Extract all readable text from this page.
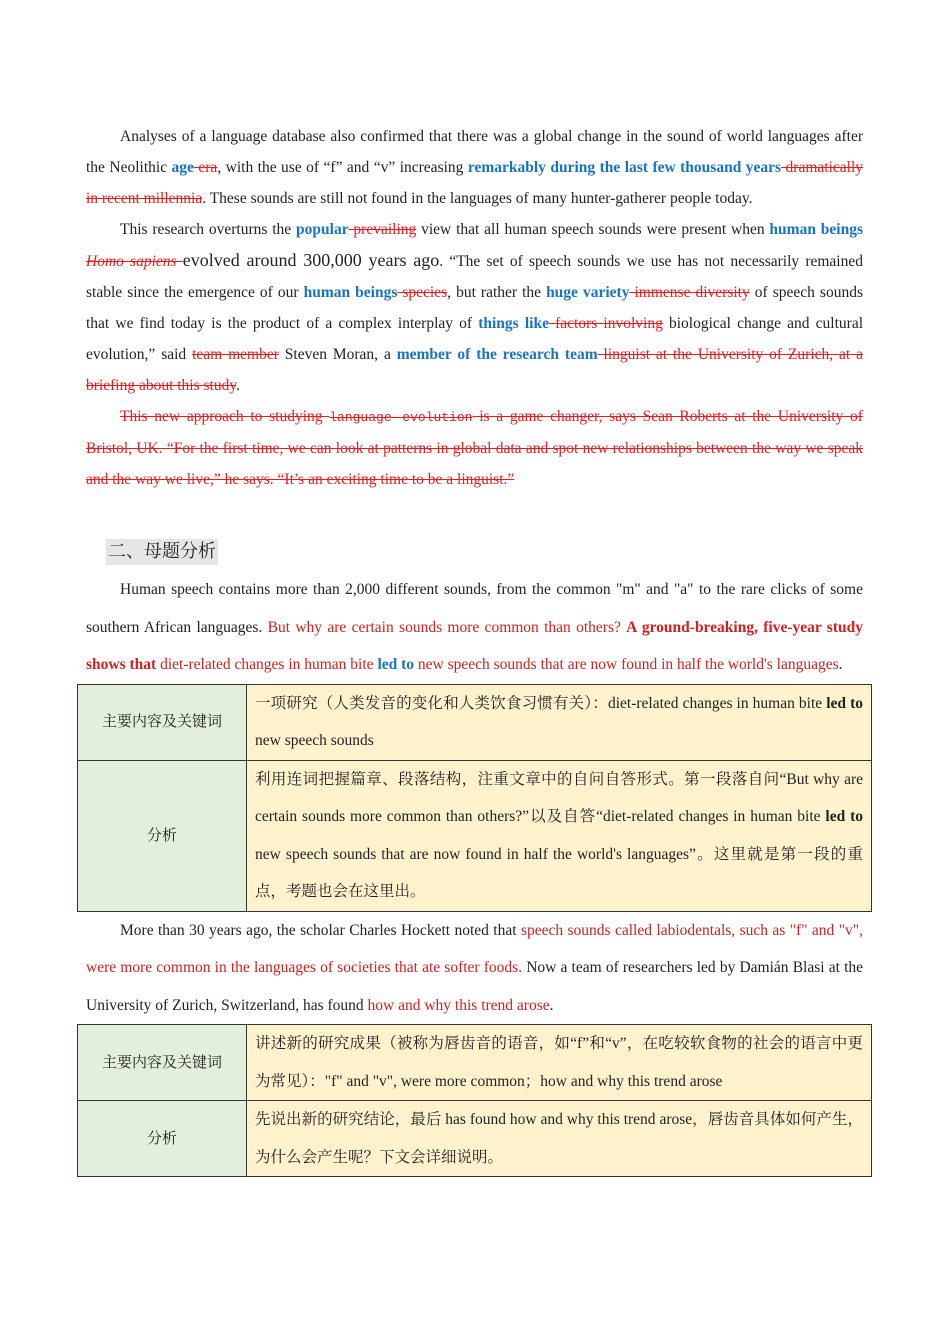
Analyses of a language database also confirmed that there was a global change in the sound of world languages after the Neolithic age era, with the use of “f” and “v” increasing remarkably during the last few thousand years dramatically in recent millennia. These sounds are still not found in the languages of many hunter-gatherer people today.

This research overturns the popular prevailing view that all human speech sounds were present when human beings Homo sapiens evolved around 300,000 years ago. “The set of speech sounds we use has not necessarily remained stable since the emergence of our human beings species, but rather the huge variety immense diversity of speech sounds that we find today is the product of a complex interplay of things like factors involving biological change and cultural evolution,” said team member Steven Moran, a member of the research team linguist at the University of Zurich, at a briefing about this study.

This new approach to studying language evolution is a game changer, says Sean Roberts at the University of Bristol, UK. “For the first time, we can look at patterns in global data and spot new relationships between the way we speak and the way we live,” he says. “It’s an exciting time to be a linguist.”

二、母题分析

Human speech contains more than 2,000 different sounds, from the common "m" and "a" to the rare clicks of some southern African languages. But why are certain sounds more common than others? A ground-breaking, five-year study shows that diet-related changes in human bite led to new speech sounds that are now found in half the world's languages.

主要内容及关键词	一项研究（人类发音的变化和人类饮食习惯有关）：diet-related changes in human bite led to new speech sounds
分析	利用连词把握篇章、段落结构，注重文章中的自问自答形式。第一段落自问“But why are certain sounds more common than others?”以及自答“diet-related changes in human bite led to new speech sounds that are now found in half the world's languages”。这里就是第一段的重点，考题也会在这里出。

More than 30 years ago, the scholar Charles Hockett noted that speech sounds called labiodentals, such as "f" and "v", were more common in the languages of societies that ate softer foods. Now a team of researchers led by Damián Blasi at the University of Zurich, Switzerland, has found how and why this trend arose.

主要内容及关键词	讲述新的研究成果（被称为唇齿音的语音，如“f”和“v”，在吃较软食物的社会的语言中更为常见）："f" and "v", were more common；how and why this trend arose
分析	先说出新的研究结论，最后 has found how and why this trend arose，唇齿音具体如何产生，为什么会产生呢？下文会详细说明。
